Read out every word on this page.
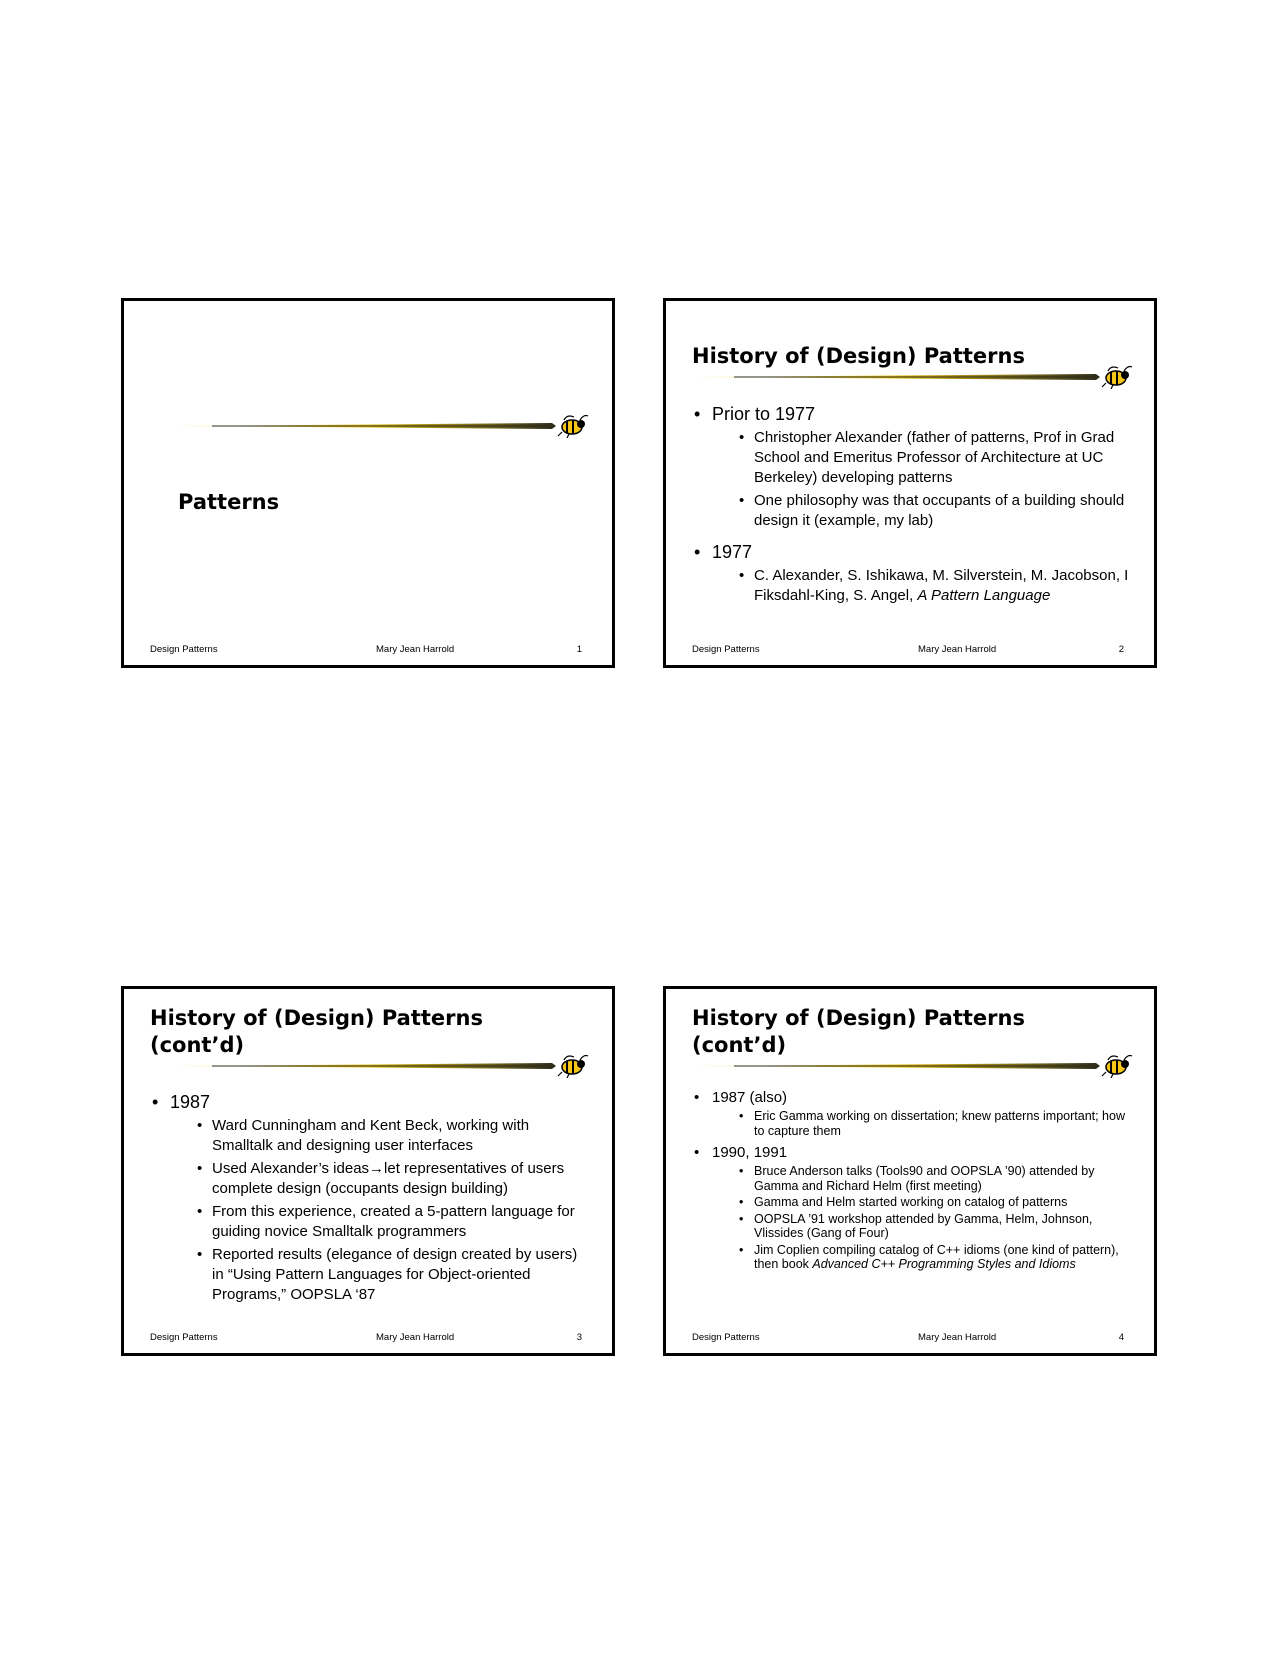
Patterns
Design Patterns	Mary Jean Harrold	1
History of (Design) Patterns
• Prior to 1977
• Christopher Alexander (father of patterns, Prof in Grad School and Emeritus Professor of Architecture at UC Berkeley) developing patterns
• One philosophy was that occupants of a building should design it (example, my lab)
• 1977
• C. Alexander, S. Ishikawa, M. Silverstein, M. Jacobson, I Fiksdahl-King, S. Angel, A Pattern Language
Design Patterns	Mary Jean Harrold	2
History of (Design) Patterns
(cont’d)
• 1987
• Ward Cunningham and Kent Beck, working with Smalltalk and designing user interfaces
• Used Alexander’s ideas→let representatives of users complete design (occupants design building)
• From this experience, created a 5-pattern language for guiding novice Smalltalk programmers
• Reported results (elegance of design created by users) in “Using Pattern Languages for Object-oriented Programs,” OOPSLA ‘87
Design Patterns	Mary Jean Harrold	3
History of (Design) Patterns
(cont’d)
• 1987 (also)
• Eric Gamma working on dissertation; knew patterns important; how to capture them
• 1990, 1991
• Bruce Anderson talks (Tools90 and OOPSLA ’90) attended by Gamma and Richard Helm (first meeting)
• Gamma and Helm started working on catalog of patterns
• OOPSLA ’91 workshop attended by Gamma, Helm, Johnson, Vlissides (Gang of Four)
• Jim Coplien compiling catalog of C++ idioms (one kind of pattern), then book Advanced C++ Programming Styles and Idioms
Design Patterns	Mary Jean Harrold	4
